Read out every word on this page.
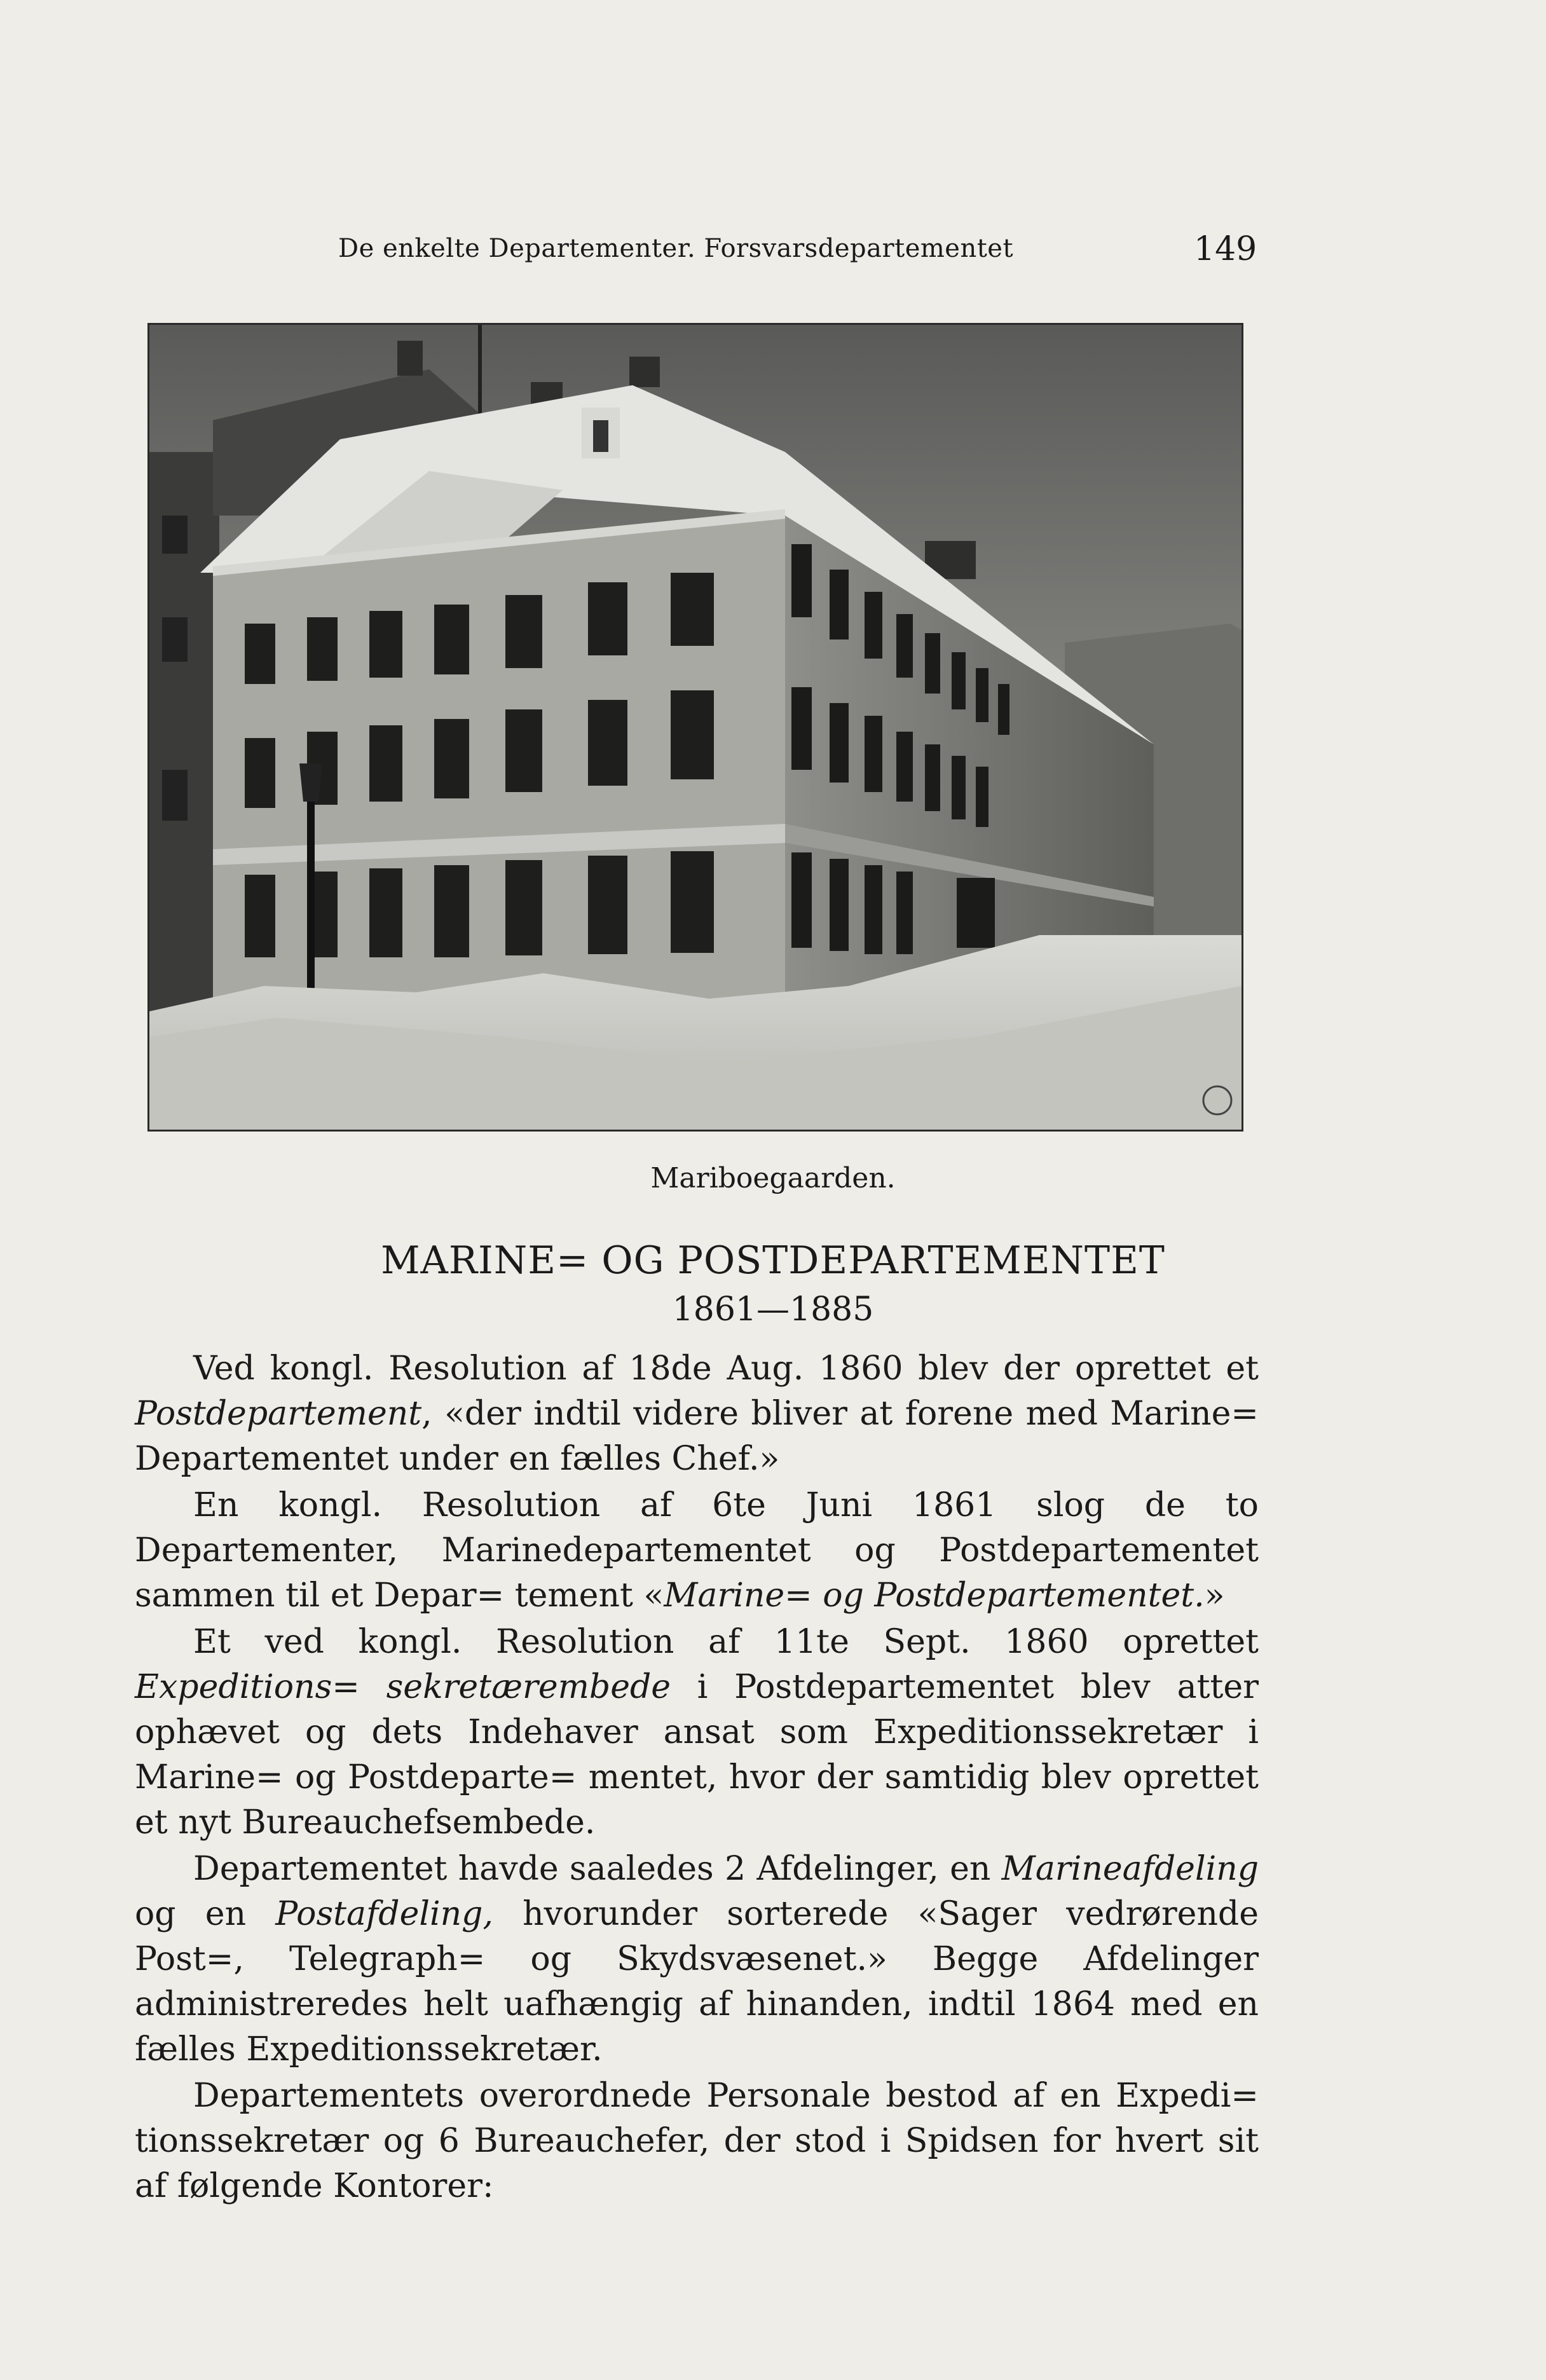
De enkelte Departementer. Forsvarsdepartementet	149
Mariboegaarden.
MARINE= OG POSTDEPARTEMENTET
1861—1885

Ved kongl. Resolution af 18de Aug. 1860 blev der oprettet et Postdepartement, «der indtil videre bliver at forene med Marine= Departementet under en fælles Chef.»

En kongl. Resolution af 6te Juni 1861 slog de to Departementer, Marinedepartementet og Postdepartementet sammen til et Depar= tement «Marine= og Postdepartementet.»

Et ved kongl. Resolution af 11te Sept. 1860 oprettet Expeditions= sekretærembede i Postdepartementet blev atter ophævet og dets Indehaver ansat som Expeditionssekretær i Marine= og Postdeparte= mentet, hvor der samtidig blev oprettet et nyt Bureauchefsembede.

Departementet havde saaledes 2 Afdelinger, en Marineafdeling og en Postafdeling, hvorunder sorterede «Sager vedrørende Post=, Telegraph= og Skydsvæsenet.» Begge Afdelinger administreredes helt uafhængig af hinanden, indtil 1864 med en fælles Expeditionssekretær.

Departementets overordnede Personale bestod af en Expedi= tionssekretær og 6 Bureauchefer, der stod i Spidsen for hvert sit af følgende Kontorer:
